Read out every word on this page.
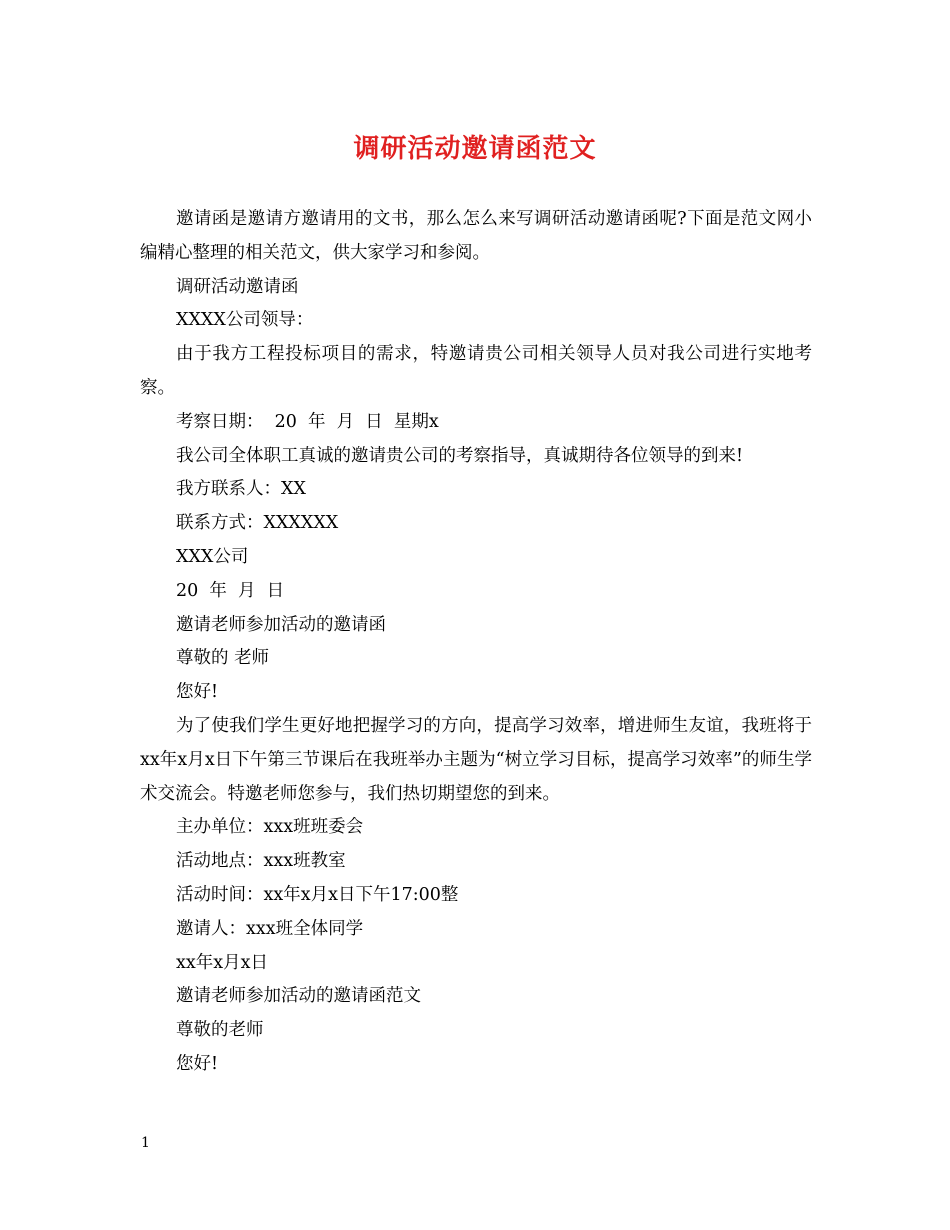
调研活动邀请函范文

邀请函是邀请方邀请用的文书，那么怎么来写调研活动邀请函呢?下面是范文网小编精心整理的相关范文，供大家学习和参阅。

调研活动邀请函

XXXX公司领导：

由于我方工程投标项目的需求，特邀请贵公司相关领导人员对我公司进行实地考察。

考察日期：  20  年  月  日  星期x

我公司全体职工真诚的邀请贵公司的考察指导，真诚期待各位领导的到来!

我方联系人：XX

联系方式：XXXXXX

XXX公司

20  年  月  日

邀请老师参加活动的邀请函

尊敬的 老师

您好!

为了使我们学生更好地把握学习的方向，提高学习效率，增进师生友谊，我班将于xx年x月x日下午第三节课后在我班举办主题为“树立学习目标，提高学习效率”的师生学术交流会。特邀老师您参与，我们热切期望您的到来。

主办单位：xxx班班委会

活动地点：xxx班教室

活动时间：xx年x月x日下午17:00整

邀请人：xxx班全体同学

xx年x月x日

邀请老师参加活动的邀请函范文

尊敬的老师

您好!

1
